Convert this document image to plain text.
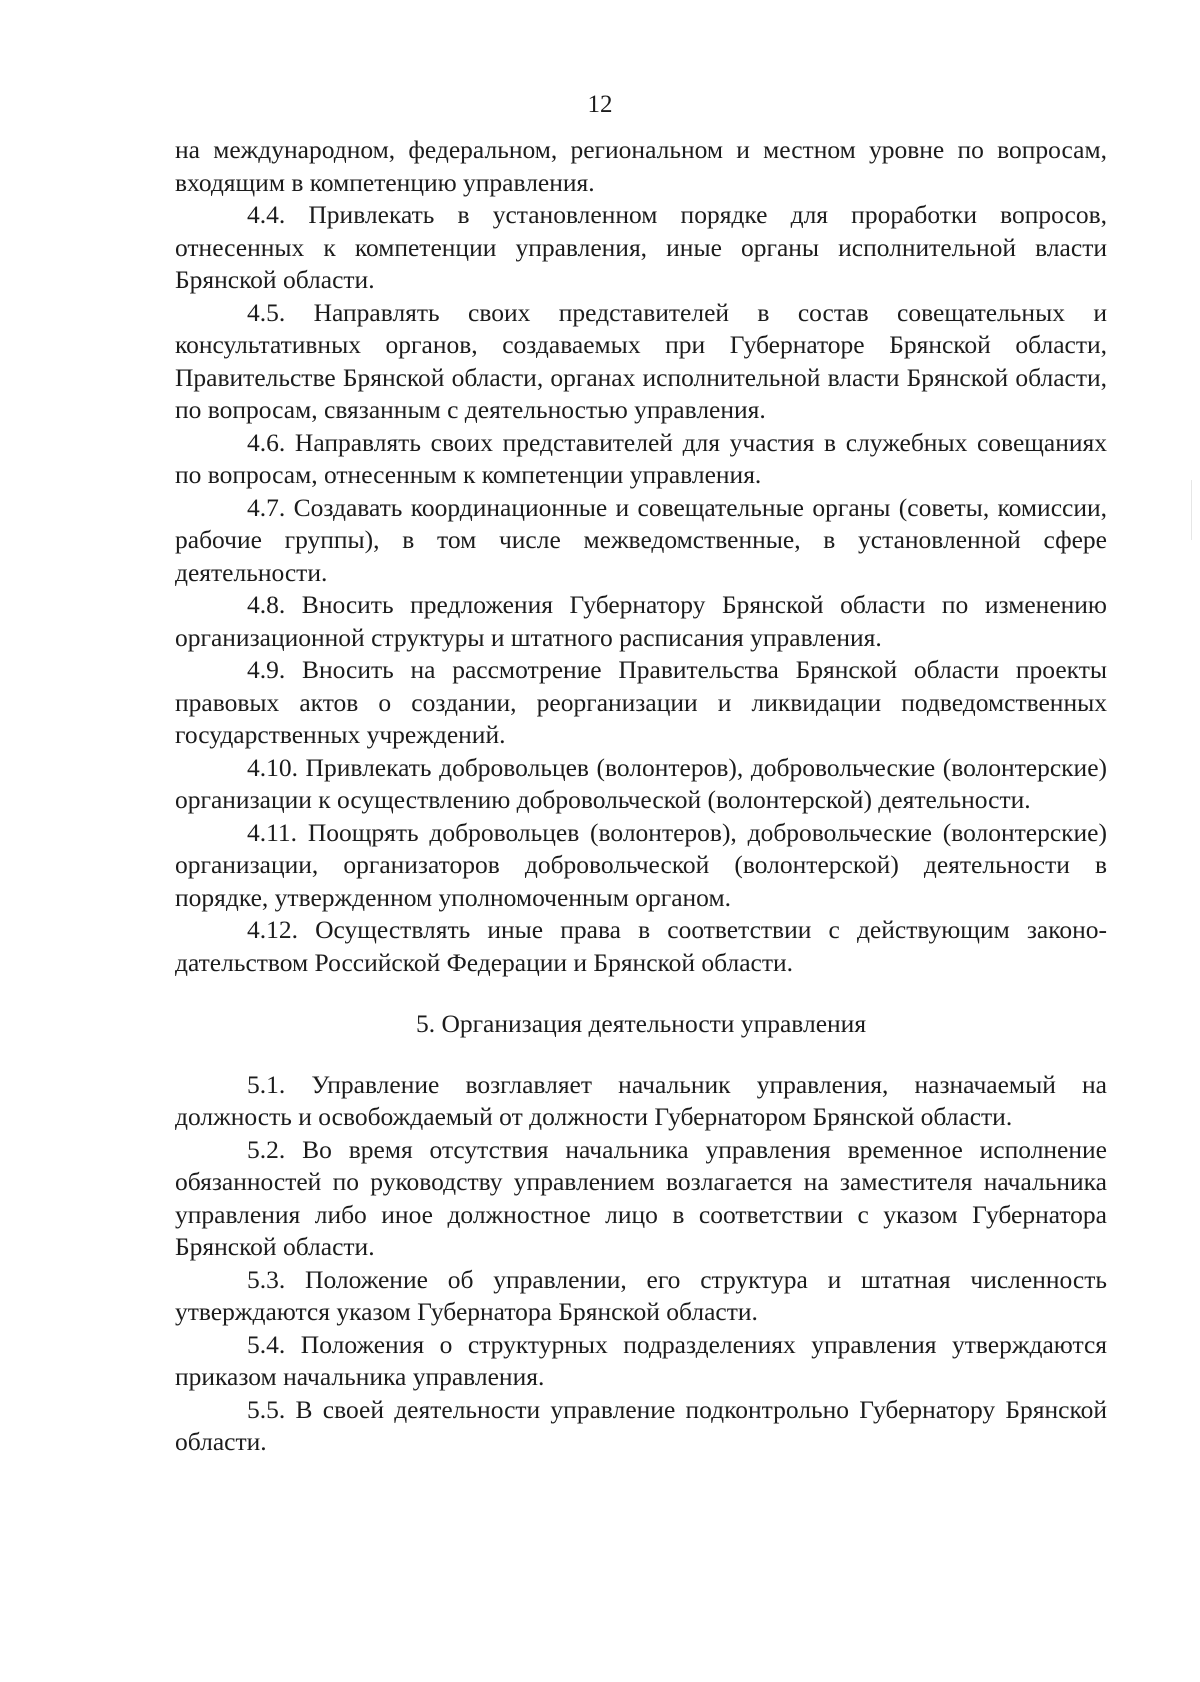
12

на международном, федеральном, региональном и местном уровне по вопросам, входящим в компетенцию управления.

4.4. Привлекать в установленном порядке для проработки вопросов, отнесенных к компетенции управления, иные органы исполнительной власти Брянской области.

4.5. Направлять своих представителей в состав совещательных и консультативных органов, создаваемых при Губернаторе Брянской области, Правительстве Брянской области, органах исполнительной власти Брянской области, по вопросам, связанным с деятельностью управления.

4.6. Направлять своих представителей для участия в служебных совещаниях по вопросам, отнесенным к компетенции управления.

4.7. Создавать координационные и совещательные органы (советы, комиссии, рабочие группы), в том числе межведомственные, в установленной сфере деятельности.

4.8. Вносить предложения Губернатору Брянской области по изменению организационной структуры и штатного расписания управления.

4.9. Вносить на рассмотрение Правительства Брянской области проекты правовых актов о создании, реорганизации и ликвидации подведомственных государственных учреждений.

4.10. Привлекать добровольцев (волонтеров), добровольческие (волонтерские) организации к осуществлению добровольческой (волонтерской) деятельности.

4.11. Поощрять добровольцев (волонтеров), добровольческие (волонтерские) организации, организаторов добровольческой (волонтерской) деятельности в порядке, утвержденном уполномоченным органом.

4.12. Осуществлять иные права в соответствии с действующим законодательством Российской Федерации и Брянской области.

5. Организация деятельности управления

5.1. Управление возглавляет начальник управления, назначаемый на должность и освобождаемый от должности Губернатором Брянской области.

5.2. Во время отсутствия начальника управления временное исполнение обязанностей по руководству управлением возлагается на заместителя начальника управления либо иное должностное лицо в соответствии с указом Губернатора Брянской области.

5.3. Положение об управлении, его структура и штатная численность утверждаются указом Губернатора Брянской области.

5.4. Положения о структурных подразделениях управления утверждаются приказом начальника управления.

5.5. В своей деятельности управление подконтрольно Губернатору Брянской области.
